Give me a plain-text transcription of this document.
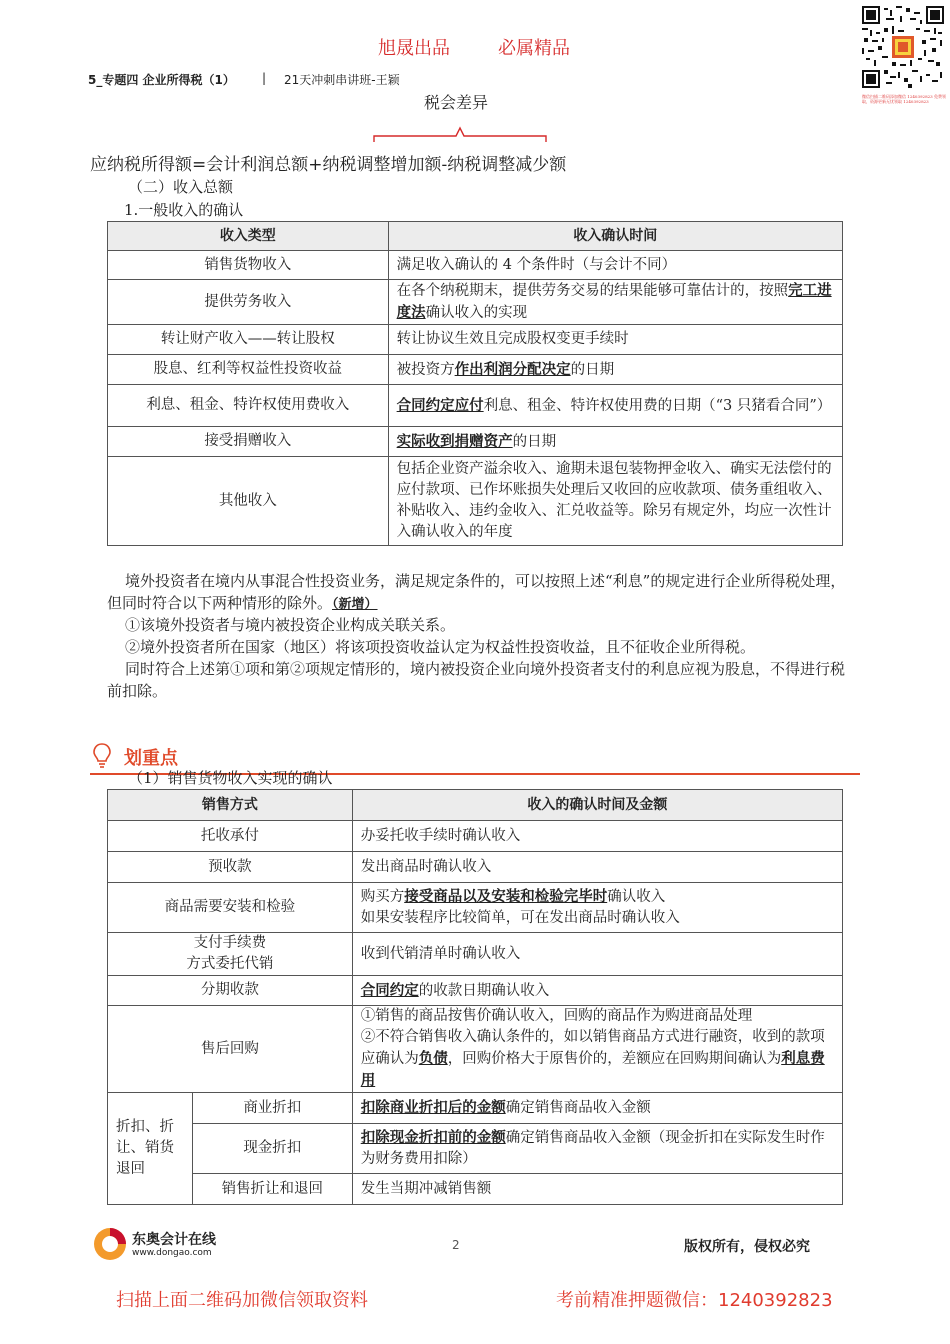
旭晟出品	必属精品
微信扫描二维码添加微信 1240392823 免费领取，资源更新无忧领取 1240392823
5_专题四 企业所得税（1） | 21天冲刺串讲班-王颖
税会差异
应纳税所得额=会计利润总额+纳税调整增加额-纳税调整减少额
（二）收入总额
1.一般收入的确认
收入类型	收入确认时间
销售货物收入	满足收入确认的 4 个条件时（与会计不同）
提供劳务收入	在各个纳税期末，提供劳务交易的结果能够可靠估计的，按照完工进度法确认收入的实现
转让财产收入——转让股权	转让协议生效且完成股权变更手续时
股息、红利等权益性投资收益	被投资方作出利润分配决定的日期
利息、租金、特许权使用费收入	合同约定应付利息、租金、特许权使用费的日期（“3 只猪看合同”）
接受捐赠收入	实际收到捐赠资产的日期
其他收入	包括企业资产溢余收入、逾期未退包装物押金收入、确实无法偿付的应付款项、已作坏账损失处理后又收回的应收款项、债务重组收入、补贴收入、违约金收入、汇兑收益等。除另有规定外，均应一次性计入确认收入的年度
境外投资者在境内从事混合性投资业务，满足规定条件的，可以按照上述“利息”的规定进行企业所得税处理，但同时符合以下两种情形的除外。（新增）
①该境外投资者与境内被投资企业构成关联关系。
②境外投资者所在国家（地区）将该项投资收益认定为权益性投资收益，且不征收企业所得税。
同时符合上述第①项和第②项规定情形的，境内被投资企业向境外投资者支付的利息应视为股息，不得进行税前扣除。
划重点
（1）销售货物收入实现的确认
销售方式		收入的确认时间及金额
托收承付		办妥托收手续时确认收入
预收款		发出商品时确认收入
商品需要安装和检验		购买方接受商品以及安装和检验完毕时确认收入
如果安装程序比较简单，可在发出商品时确认收入
支付手续费
方式委托代销		收到代销清单时确认收入
分期收款		合同约定的收款日期确认收入
售后回购		①销售的商品按售价确认收入，回购的商品作为购进商品处理
②不符合销售收入确认条件的，如以销售商品方式进行融资，收到的款项应确认为负债，回购价格大于原售价的，差额应在回购期间确认为利息费用
折扣、折让、销货退回	商业折扣	扣除商业折扣后的金额确定销售商品收入金额
	现金折扣	扣除现金折扣前的金额确定销售商品收入金额（现金折扣在实际发生时作为财务费用扣除）
	销售折让和退回	发生当期冲减销售额
东奥会计在线
www.dongao.com
2	版权所有，侵权必究
扫描上面二维码加微信领取资料	考前精准押题微信：1240392823
